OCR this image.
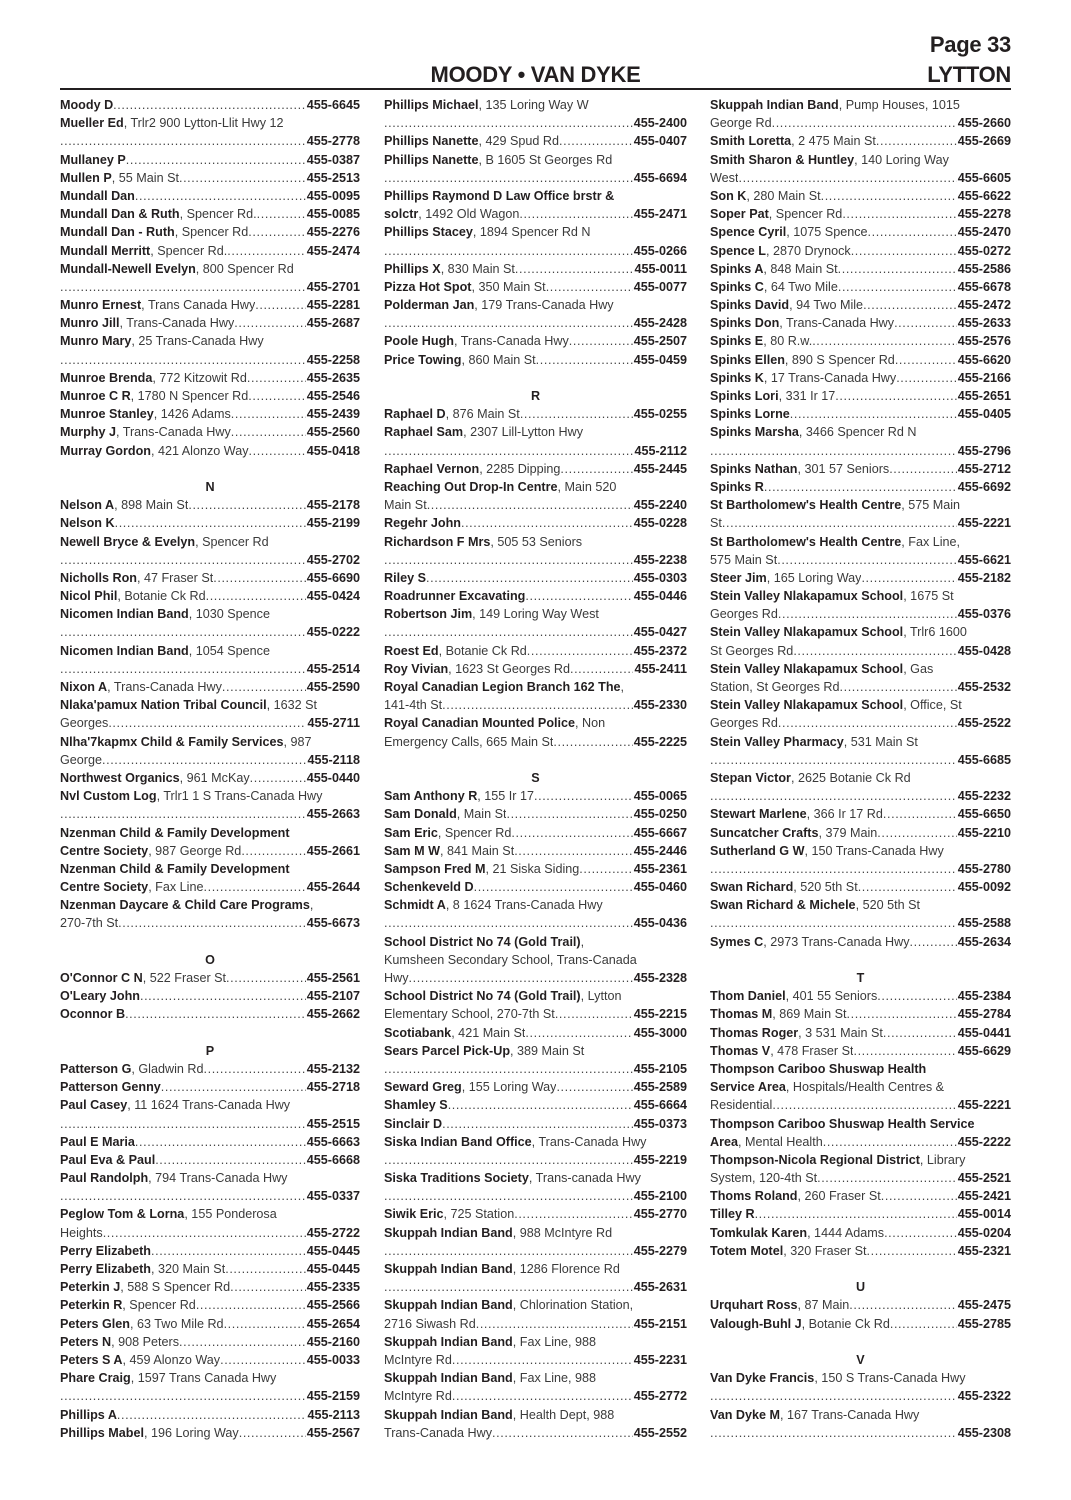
Page 33
MOODY • VAN DYKE	LYTTON
Moody D .....	455-6645
Mueller Ed, Trlr2 900 Lytton-Llit Hwy 12
.....
455-2778
Mullaney P .....	455-0387
Mullen P, 55 Main St .....	455-2513
Mundall Dan .....	455-0095
Mundall Dan & Ruth, Spencer Rd. .....	455-0085
Mundall Dan - Ruth, Spencer Rd .....	455-2276
Mundall Merritt, Spencer Rd. .....	455-2474
Mundall-Newell Evelyn, 800 Spencer Rd
.....
455-2701
Munro Ernest, Trans Canada Hwy .....	455-2281
Munro Jill, Trans-Canada Hwy .....	455-2687
Munro Mary, 25 Trans-Canada Hwy
.....
455-2258
Munroe Brenda, 772 Kitzowit Rd .....	455-2635
Munroe C R, 1780 N Spencer Rd .....	455-2546
Munroe Stanley, 1426 Adams .....	455-2439
Murphy J, Trans-Canada Hwy .....	455-2560
Murray Gordon, 421 Alonzo Way .....	455-0418
N
Nelson A, 898 Main St .....	455-2178
Nelson K .....	455-2199
Newell Bryce & Evelyn, Spencer Rd
.....
455-2702
Nicholls Ron, 47 Fraser St .....	455-6690
Nicol Phil, Botanie Ck Rd .....	455-0424
Nicomen Indian Band, 1030 Spence
.....
455-0222
Nicomen Indian Band, 1054 Spence
.....
455-2514
Nixon A, Trans-Canada Hwy .....	455-2590
Nlaka'pamux Nation Tribal Council, 1632 St
Georges .....	455-2711
Nlha'7kapmx Child & Family Services, 987
George .....	455-2118
Northwest Organics, 961 McKay .....	455-0440
Nvl Custom Log, Trlr1 1 S Trans-Canada Hwy
.....
455-2663
Nzenman Child & Family Development
Centre Society, 987 George Rd .....	455-2661
Nzenman Child & Family Development
Centre Society, Fax Line .....	455-2644
Nzenman Daycare & Child Care Programs,
270-7th St .....	455-6673
O
O'Connor C N, 522 Fraser St .....	455-2561
O'Leary John .....	455-2107
Oconnor B .....	455-2662
P
Patterson G, Gladwin Rd .....	455-2132
Patterson Genny .....	455-2718
Paul Casey, 11 1624 Trans-Canada Hwy
.....
455-2515
Paul E Maria .....	455-6663
Paul Eva & Paul .....	455-6668
Paul Randolph, 794 Trans-Canada Hwy
.....
455-0337
Peglow Tom & Lorna, 155 Ponderosa
Heights .....	455-2722
Perry Elizabeth .....	455-0445
Perry Elizabeth, 320 Main St .....	455-0445
Peterkin J, 588 S Spencer Rd .....	455-2335
Peterkin R, Spencer Rd .....	455-2566
Peters Glen, 63 Two Mile Rd .....	455-2654
Peters N, 908 Peters .....	455-2160
Peters S A, 459 Alonzo Way .....	455-0033
Phare Craig, 1597 Trans Canada Hwy
.....
455-2159
Phillips A .....	455-2113
Phillips Mabel, 196 Loring Way .....	455-2567
Phillips Michael, 135 Loring Way W
.....
455-2400
Phillips Nanette, 429 Spud Rd .....	455-0407
Phillips Nanette, B 1605 St Georges Rd
.....
455-6694
Phillips Raymond D Law Office brstr &
solctr, 1492 Old Wagon .....	455-2471
Phillips Stacey, 1894 Spencer Rd N
.....
455-0266
Phillips X, 830 Main St .....	455-0011
Pizza Hot Spot, 350 Main St .....	455-0077
Polderman Jan, 179 Trans-Canada Hwy
.....
455-2428
Poole Hugh, Trans-Canada Hwy .....	455-2507
Price Towing, 860 Main St .....	455-0459
R
Raphael D, 876 Main St .....	455-0255
Raphael Sam, 2307 Lill-Lytton Hwy
.....
455-2112
Raphael Vernon, 2285 Dipping .....	455-2445
Reaching Out Drop-In Centre, Main 520
Main St .....	455-2240
Regehr John .....	455-0228
Richardson F Mrs, 505 53 Seniors
.....
455-2238
Riley S .....	455-0303
Roadrunner Excavating .....	455-0446
Robertson Jim, 149 Loring Way West
.....
455-0427
Roest Ed, Botanie Ck Rd .....	455-2372
Roy Vivian, 1623 St Georges Rd .....	455-2411
Royal Canadian Legion Branch 162 The,
141-4th St .....	455-2330
Royal Canadian Mounted Police, Non
Emergency Calls, 665 Main St .....	455-2225
S
Sam Anthony R, 155 Ir 17 .....	455-0065
Sam Donald, Main St .....	455-0250
Sam Eric, Spencer Rd .....	455-6667
Sam M W, 841 Main St .....	455-2446
Sampson Fred M, 21 Siska Siding .....	455-2361
Schenkeveld D .....	455-0460
Schmidt A, 8 1624 Trans-Canada Hwy
.....
455-0436
School District No 74 (Gold Trail),
Kumsheen Secondary School, Trans-Canada
Hwy .....	455-2328
School District No 74 (Gold Trail), Lytton
Elementary School, 270-7th St .....	455-2215
Scotiabank, 421 Main St .....	455-3000
Sears Parcel Pick-Up, 389 Main St
.....
455-2105
Seward Greg, 155 Loring Way .....	455-2589
Shamley S .....	455-6664
Sinclair D .....	455-0373
Siska Indian Band Office, Trans-Canada Hwy
.....
455-2219
Siska Traditions Society, Trans-canada Hwy
.....
455-2100
Siwik Eric, 725 Station .....	455-2770
Skuppah Indian Band, 988 McIntyre Rd
.....
455-2279
Skuppah Indian Band, 1286 Florence Rd
.....
455-2631
Skuppah Indian Band, Chlorination Station,
2716 Siwash Rd .....	455-2151
Skuppah Indian Band, Fax Line, 988
McIntyre Rd .....	455-2231
Skuppah Indian Band, Fax Line, 988
McIntyre Rd .....	455-2772
Skuppah Indian Band, Health Dept, 988
Trans-Canada Hwy .....	455-2552
Skuppah Indian Band, Pump Houses, 1015
George Rd .....	455-2660
Smith Loretta, 2 475 Main St .....	455-2669
Smith Sharon & Huntley, 140 Loring Way
West .....	455-6605
Son K, 280 Main St .....	455-6622
Soper Pat, Spencer Rd .....	455-2278
Spence Cyril, 1075 Spence .....	455-2470
Spence L, 2870 Drynock .....	455-0272
Spinks A, 848 Main St .....	455-2586
Spinks C, 64 Two Mile .....	455-6678
Spinks David, 94 Two Mile .....	455-2472
Spinks Don, Trans-Canada Hwy .....	455-2633
Spinks E, 80 R.w. .....	455-2576
Spinks Ellen, 890 S Spencer Rd .....	455-6620
Spinks K, 17 Trans-Canada Hwy .....	455-2166
Spinks Lori, 331 Ir 17 .....	455-2651
Spinks Lorne .....	455-0405
Spinks Marsha, 3466 Spencer Rd N
.....
455-2796
Spinks Nathan, 301 57 Seniors .....	455-2712
Spinks R .....	455-6692
St Bartholomew's Health Centre, 575 Main
St .....	455-2221
St Bartholomew's Health Centre, Fax Line,
575 Main St .....	455-6621
Steer Jim, 165 Loring Way .....	455-2182
Stein Valley Nlakapamux School, 1675 St
Georges Rd .....	455-0376
Stein Valley Nlakapamux School, Trlr6 1600
St Georges Rd .....	455-0428
Stein Valley Nlakapamux School, Gas
Station, St Georges Rd .....	455-2532
Stein Valley Nlakapamux School, Office, St
Georges Rd .....	455-2522
Stein Valley Pharmacy, 531 Main St
.....
455-6685
Stepan Victor, 2625 Botanie Ck Rd
.....
455-2232
Stewart Marlene, 366 Ir 17 Rd .....	455-6650
Suncatcher Crafts, 379 Main .....	455-2210
Sutherland G W, 150 Trans-Canada Hwy
.....
455-2780
Swan Richard, 520 5th St .....	455-0092
Swan Richard & Michele, 520 5th St
.....
455-2588
Symes C, 2973 Trans-Canada Hwy .....	455-2634
T
Thom Daniel, 401 55 Seniors .....	455-2384
Thomas M, 869 Main St .....	455-2784
Thomas Roger, 3 531 Main St .....	455-0441
Thomas V, 478 Fraser St .....	455-6629
Thompson Cariboo Shuswap Health
Service Area, Hospitals/Health Centres &
Residential .....	455-2221
Thompson Cariboo Shuswap Health Service
Area, Mental Health .....	455-2222
Thompson-Nicola Regional District, Library
System, 120-4th St .....	455-2521
Thoms Roland, 260 Fraser St .....	455-2421
Tilley R .....	455-0014
Tomkulak Karen, 1444 Adams .....	455-0204
Totem Motel, 320 Fraser St .....	455-2321
U
Urquhart Ross, 87 Main .....	455-2475
Valough-Buhl J, Botanie Ck Rd .....	455-2785
V
Van Dyke Francis, 150 S Trans-Canada Hwy
.....
455-2322
Van Dyke M, 167 Trans-Canada Hwy
.....
455-2308
